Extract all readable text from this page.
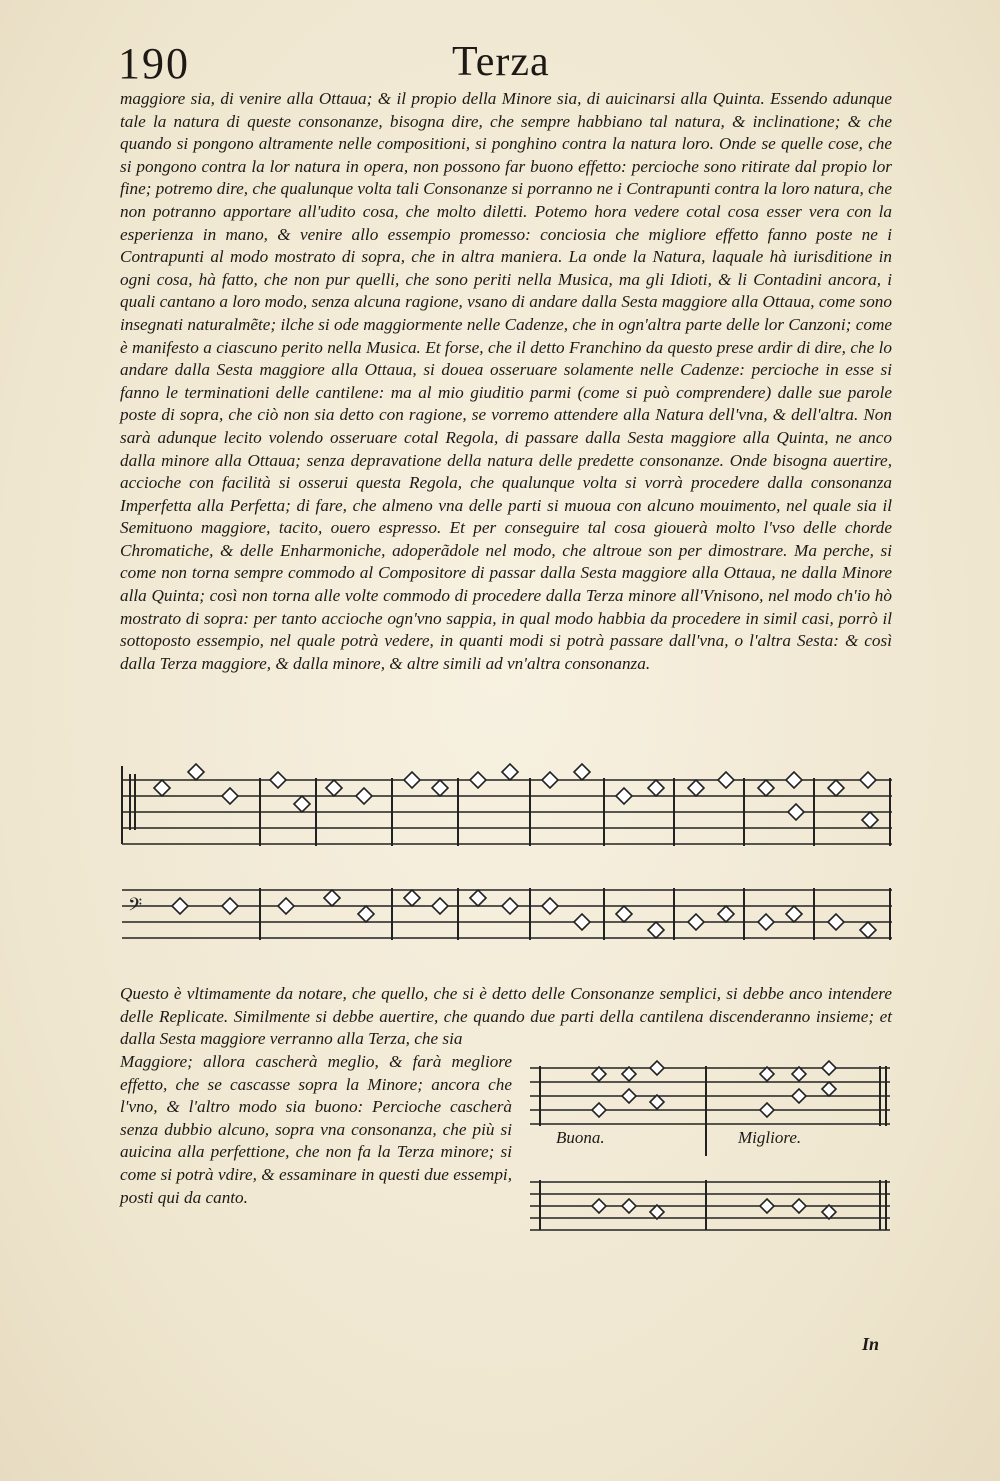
190	Terza
maggiore sia, di venire alla Ottaua; & il propio della Minore sia, di auicinarsi alla Quinta. Essendo adunque tale la natura di queste consonanze, bisogna dire, che sempre habbiano tal natura, & inclinatione; & che quando si pongono altramente nelle compositioni, si ponghino contra la natura loro. Onde se quelle cose, che si pongono contra la lor natura in opera, non possono far buono effetto: percioche sono ritirate dal propio lor fine; potremo dire, che qualunque volta tali Consonanze si porranno ne i Contrapunti contra la loro natura, che non potranno apportare all'udito cosa, che molto diletti. Potemo hora vedere cotal cosa esser vera con la esperienza in mano, & venire allo essempio promesso: conciosia che migliore effetto fanno poste ne i Contrapunti al modo mostrato di sopra, che in altra maniera. La onde la Natura, laquale hà iurisditione in ogni cosa, hà fatto, che non pur quelli, che sono periti nella Musica, ma gli Idioti, & li Contadini ancora, i quali cantano a loro modo, senza alcuna ragione, vsano di andare dalla Sesta maggiore alla Ottaua, come sono insegnati naturalmẽte; ilche si ode maggiormente nelle Cadenze, che in ogn'altra parte delle lor Canzoni; come è manifesto a ciascuno perito nella Musica. Et forse, che il detto Franchino da questo prese ardir di dire, che lo andare dalla Sesta maggiore alla Ottaua, si douea osseruare solamente nelle Cadenze: percioche in esse si fanno le terminationi delle cantilene: ma al mio giuditio parmi (come si può comprendere) dalle sue parole poste di sopra, che ciò non sia detto con ragione, se vorremo attendere alla Natura dell'vna, & dell'altra. Non sarà adunque lecito volendo osseruare cotal Regola, di passare dalla Sesta maggiore alla Quinta, ne anco dalla minore alla Ottaua; senza depravatione della natura delle predette consonanze. Onde bisogna auertire, accioche con facilità si osserui questa Regola, che qualunque volta si vorrà procedere dalla consonanza Imperfetta alla Perfetta; di fare, che almeno vna delle parti si muoua con alcuno mouimento, nel quale sia il Semituono maggiore, tacito, ouero espresso. Et per conseguire tal cosa giouerà molto l'vso delle chorde Chromatiche, & delle Enharmoniche, adoperãdole nel modo, che altroue son per dimostrare. Ma perche, si come non torna sempre commodo al Compositore di passar dalla Sesta maggiore alla Ottaua, ne dalla Minore alla Quinta; così non torna alle volte commodo di procedere dalla Terza minore all'Vnisono, nel modo ch'io hò mostrato di sopra: per tanto accioche ogn'vno sappia, in qual modo habbia da procedere in simil casi, porrò il sottoposto essempio, nel quale potrà vedere, in quanti modi si potrà passare dall'vna, o l'altra Sesta: & così dalla Terza maggiore, & dalla minore, & altre simili ad vn'altra consonanza.
𝄢
Questo è vltimamente da notare, che quello, che si è detto delle Consonanze semplici, si debbe anco intendere delle Replicate. Similmente si debbe auertire, che quando due parti della cantilena discenderanno insieme; et dalla Sesta maggiore verranno alla Terza, che sia
Maggiore; allora cascherà meglio, & farà megliore effetto, che se cascasse sopra la Minore; ancora che l'vno, & l'altro modo sia buono: Percioche cascherà senza dubbio alcuno, sopra vna consonanza, che più si auicina alla perfettione, che non fa la Terza minore; si come si potrà vdire, & essaminare in questi due essempi, posti qui da canto.
Buona.	Migliore.
In
